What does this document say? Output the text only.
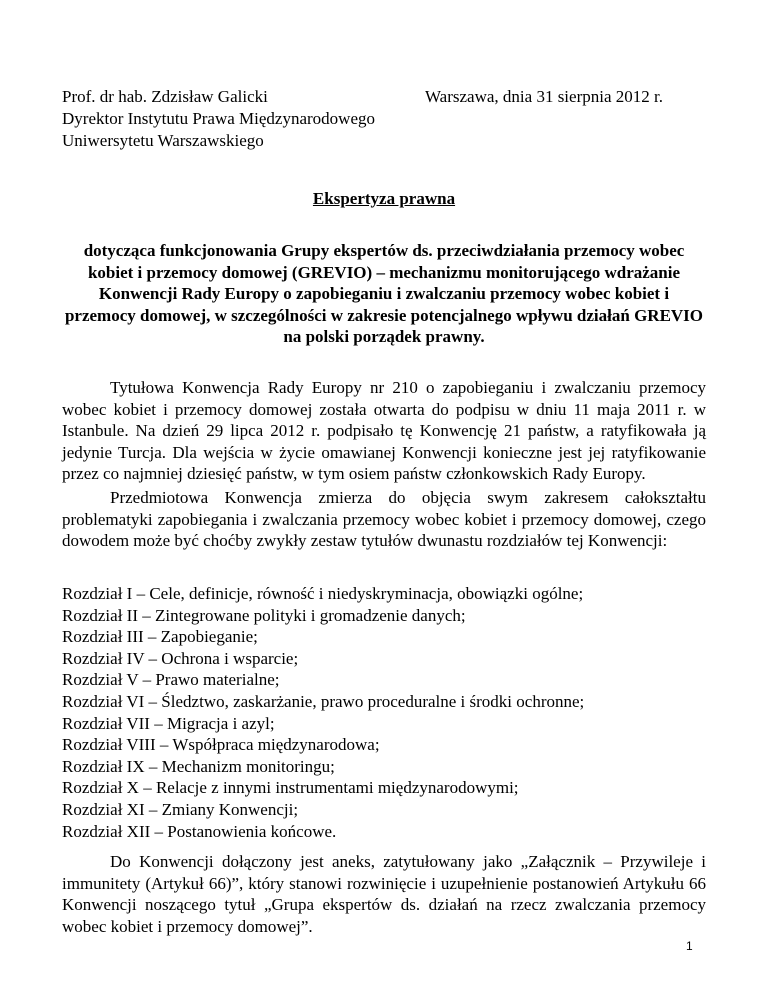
Prof. dr hab. Zdzisław Galicki
Dyrektor Instytutu Prawa Międzynarodowego
Uniwersytetu Warszawskiego
Warszawa, dnia 31 sierpnia 2012 r.
Ekspertyza prawna
dotycząca funkcjonowania Grupy ekspertów ds. przeciwdziałania przemocy wobec kobiet i przemocy domowej (GREVIO) – mechanizmu monitorującego wdrażanie Konwencji Rady Europy o zapobieganiu i zwalczaniu przemocy wobec kobiet i przemocy domowej, w szczególności w zakresie potencjalnego wpływu działań GREVIO na polski porządek prawny.

Tytułowa Konwencja Rady Europy nr 210 o zapobieganiu i zwalczaniu przemocy wobec kobiet i przemocy domowej została otwarta do podpisu w dniu 11 maja 2011 r. w Istanbule. Na dzień 29 lipca 2012 r. podpisało tę Konwencję 21 państw, a ratyfikowała ją jedynie Turcja. Dla wejścia w życie omawianej Konwencji konieczne jest jej ratyfikowanie przez co najmniej dziesięć państw, w tym osiem państw członkowskich Rady Europy.

Przedmiotowa Konwencja zmierza do objęcia swym zakresem całokształtu problematyki zapobiegania i zwalczania przemocy wobec kobiet i przemocy domowej, czego dowodem może być choćby zwykły zestaw tytułów dwunastu rozdziałów tej Konwencji:

Rozdział I – Cele, definicje, równość i niedyskryminacja, obowiązki ogólne;
Rozdział II – Zintegrowane polityki i gromadzenie danych;
Rozdział III – Zapobieganie;
Rozdział IV – Ochrona i wsparcie;
Rozdział V – Prawo materialne;
Rozdział VI – Śledztwo, zaskarżanie, prawo proceduralne i środki ochronne;
Rozdział VII – Migracja i azyl;
Rozdział VIII – Współpraca międzynarodowa;
Rozdział IX – Mechanizm monitoringu;
Rozdział X – Relacje z innymi instrumentami międzynarodowymi;
Rozdział XI – Zmiany Konwencji;
Rozdział XII – Postanowienia końcowe.

Do Konwencji dołączony jest aneks, zatytułowany jako „Załącznik – Przywileje i immunitety (Artykuł 66)”, który stanowi rozwinięcie i uzupełnienie postanowień Artykułu 66 Konwencji noszącego tytuł „Grupa ekspertów ds. działań na rzecz zwalczania przemocy wobec kobiet i przemocy domowej”.

1
